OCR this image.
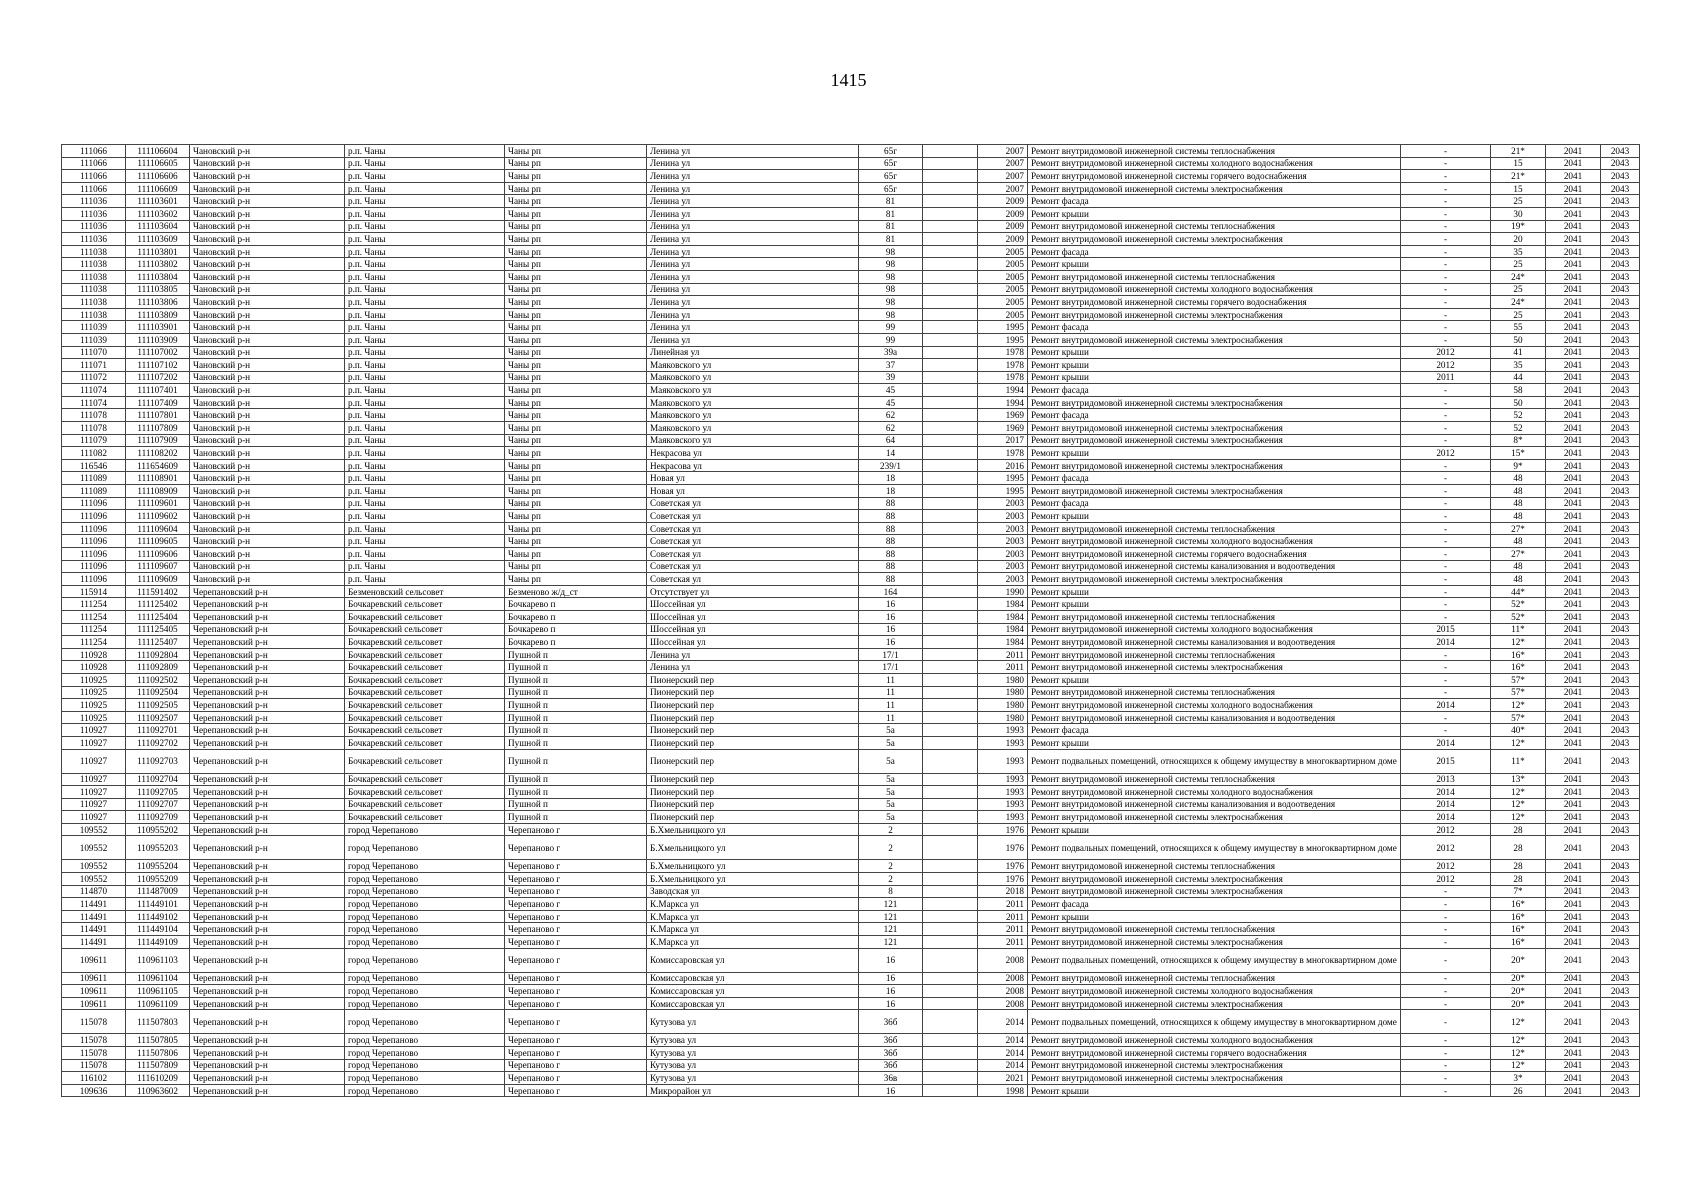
1415
111066	111106604	Чановский р-н	р.п. Чаны	Чаны рп	Ленина ул	65г		2007	Ремонт внутридомовой инженерной системы теплоснабжения	-	21*	2041	2043
111066	111106605	Чановский р-н	р.п. Чаны	Чаны рп	Ленина ул	65г		2007	Ремонт внутридомовой инженерной системы холодного водоснабжения	-	15	2041	2043
111066	111106606	Чановский р-н	р.п. Чаны	Чаны рп	Ленина ул	65г		2007	Ремонт внутридомовой инженерной системы горячего водоснабжения	-	21*	2041	2043
111066	111106609	Чановский р-н	р.п. Чаны	Чаны рп	Ленина ул	65г		2007	Ремонт внутридомовой инженерной системы электроснабжения	-	15	2041	2043
111036	111103601	Чановский р-н	р.п. Чаны	Чаны рп	Ленина ул	81		2009	Ремонт фасада	-	25	2041	2043
111036	111103602	Чановский р-н	р.п. Чаны	Чаны рп	Ленина ул	81		2009	Ремонт крыши	-	30	2041	2043
111036	111103604	Чановский р-н	р.п. Чаны	Чаны рп	Ленина ул	81		2009	Ремонт внутридомовой инженерной системы теплоснабжения	-	19*	2041	2043
111036	111103609	Чановский р-н	р.п. Чаны	Чаны рп	Ленина ул	81		2009	Ремонт внутридомовой инженерной системы электроснабжения	-	20	2041	2043
111038	111103801	Чановский р-н	р.п. Чаны	Чаны рп	Ленина ул	98		2005	Ремонт фасада	-	35	2041	2043
111038	111103802	Чановский р-н	р.п. Чаны	Чаны рп	Ленина ул	98		2005	Ремонт крыши	-	25	2041	2043
111038	111103804	Чановский р-н	р.п. Чаны	Чаны рп	Ленина ул	98		2005	Ремонт внутридомовой инженерной системы теплоснабжения	-	24*	2041	2043
111038	111103805	Чановский р-н	р.п. Чаны	Чаны рп	Ленина ул	98		2005	Ремонт внутридомовой инженерной системы холодного водоснабжения	-	25	2041	2043
111038	111103806	Чановский р-н	р.п. Чаны	Чаны рп	Ленина ул	98		2005	Ремонт внутридомовой инженерной системы горячего водоснабжения	-	24*	2041	2043
111038	111103809	Чановский р-н	р.п. Чаны	Чаны рп	Ленина ул	98		2005	Ремонт внутридомовой инженерной системы электроснабжения	-	25	2041	2043
111039	111103901	Чановский р-н	р.п. Чаны	Чаны рп	Ленина ул	99		1995	Ремонт фасада	-	55	2041	2043
111039	111103909	Чановский р-н	р.п. Чаны	Чаны рп	Ленина ул	99		1995	Ремонт внутридомовой инженерной системы электроснабжения	-	50	2041	2043
111070	111107002	Чановский р-н	р.п. Чаны	Чаны рп	Линейная ул	39а		1978	Ремонт крыши	2012	41	2041	2043
111071	111107102	Чановский р-н	р.п. Чаны	Чаны рп	Маяковского ул	37		1978	Ремонт крыши	2012	35	2041	2043
111072	111107202	Чановский р-н	р.п. Чаны	Чаны рп	Маяковского ул	39		1978	Ремонт крыши	2011	44	2041	2043
111074	111107401	Чановский р-н	р.п. Чаны	Чаны рп	Маяковского ул	45		1994	Ремонт фасада	-	58	2041	2043
111074	111107409	Чановский р-н	р.п. Чаны	Чаны рп	Маяковского ул	45		1994	Ремонт внутридомовой инженерной системы электроснабжения	-	50	2041	2043
111078	111107801	Чановский р-н	р.п. Чаны	Чаны рп	Маяковского ул	62		1969	Ремонт фасада	-	52	2041	2043
111078	111107809	Чановский р-н	р.п. Чаны	Чаны рп	Маяковского ул	62		1969	Ремонт внутридомовой инженерной системы электроснабжения	-	52	2041	2043
111079	111107909	Чановский р-н	р.п. Чаны	Чаны рп	Маяковского ул	64		2017	Ремонт внутридомовой инженерной системы электроснабжения	-	8*	2041	2043
111082	111108202	Чановский р-н	р.п. Чаны	Чаны рп	Некрасова ул	14		1978	Ремонт крыши	2012	15*	2041	2043
116546	111654609	Чановский р-н	р.п. Чаны	Чаны рп	Некрасова ул	239/1		2016	Ремонт внутридомовой инженерной системы электроснабжения	-	9*	2041	2043
111089	111108901	Чановский р-н	р.п. Чаны	Чаны рп	Новая ул	18		1995	Ремонт фасада	-	48	2041	2043
111089	111108909	Чановский р-н	р.п. Чаны	Чаны рп	Новая ул	18		1995	Ремонт внутридомовой инженерной системы электроснабжения	-	48	2041	2043
111096	111109601	Чановский р-н	р.п. Чаны	Чаны рп	Советская ул	88		2003	Ремонт фасада	-	48	2041	2043
111096	111109602	Чановский р-н	р.п. Чаны	Чаны рп	Советская ул	88		2003	Ремонт крыши	-	48	2041	2043
111096	111109604	Чановский р-н	р.п. Чаны	Чаны рп	Советская ул	88		2003	Ремонт внутридомовой инженерной системы теплоснабжения	-	27*	2041	2043
111096	111109605	Чановский р-н	р.п. Чаны	Чаны рп	Советская ул	88		2003	Ремонт внутридомовой инженерной системы холодного водоснабжения	-	48	2041	2043
111096	111109606	Чановский р-н	р.п. Чаны	Чаны рп	Советская ул	88		2003	Ремонт внутридомовой инженерной системы горячего водоснабжения	-	27*	2041	2043
111096	111109607	Чановский р-н	р.п. Чаны	Чаны рп	Советская ул	88		2003	Ремонт внутридомовой инженерной системы канализования и водоотведения	-	48	2041	2043
111096	111109609	Чановский р-н	р.п. Чаны	Чаны рп	Советская ул	88		2003	Ремонт внутридомовой инженерной системы электроснабжения	-	48	2041	2043
115914	111591402	Черепановский р-н	Безменовский сельсовет	Безменово ж/д_ст	Отсутствует ул	164		1990	Ремонт крыши	-	44*	2041	2043
111254	111125402	Черепановский р-н	Бочкаревский сельсовет	Бочкарево п	Шоссейная ул	16		1984	Ремонт крыши	-	52*	2041	2043
111254	111125404	Черепановский р-н	Бочкаревский сельсовет	Бочкарево п	Шоссейная ул	16		1984	Ремонт внутридомовой инженерной системы теплоснабжения	-	52*	2041	2043
111254	111125405	Черепановский р-н	Бочкаревский сельсовет	Бочкарево п	Шоссейная ул	16		1984	Ремонт внутридомовой инженерной системы холодного водоснабжения	2015	11*	2041	2043
111254	111125407	Черепановский р-н	Бочкаревский сельсовет	Бочкарево п	Шоссейная ул	16		1984	Ремонт внутридомовой инженерной системы канализования и водоотведения	2014	12*	2041	2043
110928	111092804	Черепановский р-н	Бочкаревский сельсовет	Пушной п	Ленина ул	17/1		2011	Ремонт внутридомовой инженерной системы теплоснабжения	-	16*	2041	2043
110928	111092809	Черепановский р-н	Бочкаревский сельсовет	Пушной п	Ленина ул	17/1		2011	Ремонт внутридомовой инженерной системы электроснабжения	-	16*	2041	2043
110925	111092502	Черепановский р-н	Бочкаревский сельсовет	Пушной п	Пионерский пер	11		1980	Ремонт крыши	-	57*	2041	2043
110925	111092504	Черепановский р-н	Бочкаревский сельсовет	Пушной п	Пионерский пер	11		1980	Ремонт внутридомовой инженерной системы теплоснабжения	-	57*	2041	2043
110925	111092505	Черепановский р-н	Бочкаревский сельсовет	Пушной п	Пионерский пер	11		1980	Ремонт внутридомовой инженерной системы холодного водоснабжения	2014	12*	2041	2043
110925	111092507	Черепановский р-н	Бочкаревский сельсовет	Пушной п	Пионерский пер	11		1980	Ремонт внутридомовой инженерной системы канализования и водоотведения	-	57*	2041	2043
110927	111092701	Черепановский р-н	Бочкаревский сельсовет	Пушной п	Пионерский пер	5а		1993	Ремонт фасада	-	40*	2041	2043
110927	111092702	Черепановский р-н	Бочкаревский сельсовет	Пушной п	Пионерский пер	5а		1993	Ремонт крыши	2014	12*	2041	2043
110927	111092703	Черепановский р-н	Бочкаревский сельсовет	Пушной п	Пионерский пер	5а		1993	Ремонт подвальных помещений, относящихся к общему имуществу в многоквартирном доме	2015	11*	2041	2043
110927	111092704	Черепановский р-н	Бочкаревский сельсовет	Пушной п	Пионерский пер	5а		1993	Ремонт внутридомовой инженерной системы теплоснабжения	2013	13*	2041	2043
110927	111092705	Черепановский р-н	Бочкаревский сельсовет	Пушной п	Пионерский пер	5а		1993	Ремонт внутридомовой инженерной системы холодного водоснабжения	2014	12*	2041	2043
110927	111092707	Черепановский р-н	Бочкаревский сельсовет	Пушной п	Пионерский пер	5а		1993	Ремонт внутридомовой инженерной системы канализования и водоотведения	2014	12*	2041	2043
110927	111092709	Черепановский р-н	Бочкаревский сельсовет	Пушной п	Пионерский пер	5а		1993	Ремонт внутридомовой инженерной системы электроснабжения	2014	12*	2041	2043
109552	110955202	Черепановский р-н	город Черепаново	Черепаново г	Б.Хмельницкого ул	2		1976	Ремонт крыши	2012	28	2041	2043
109552	110955203	Черепановский р-н	город Черепаново	Черепаново г	Б.Хмельницкого ул	2		1976	Ремонт подвальных помещений, относящихся к общему имуществу в многоквартирном доме	2012	28	2041	2043
109552	110955204	Черепановский р-н	город Черепаново	Черепаново г	Б.Хмельницкого ул	2		1976	Ремонт внутридомовой инженерной системы теплоснабжения	2012	28	2041	2043
109552	110955209	Черепановский р-н	город Черепаново	Черепаново г	Б.Хмельницкого ул	2		1976	Ремонт внутридомовой инженерной системы электроснабжения	2012	28	2041	2043
114870	111487009	Черепановский р-н	город Черепаново	Черепаново г	Заводская ул	8		2018	Ремонт внутридомовой инженерной системы электроснабжения	-	7*	2041	2043
114491	111449101	Черепановский р-н	город Черепаново	Черепаново г	К.Маркса ул	121		2011	Ремонт фасада	-	16*	2041	2043
114491	111449102	Черепановский р-н	город Черепаново	Черепаново г	К.Маркса ул	121		2011	Ремонт крыши	-	16*	2041	2043
114491	111449104	Черепановский р-н	город Черепаново	Черепаново г	К.Маркса ул	121		2011	Ремонт внутридомовой инженерной системы теплоснабжения	-	16*	2041	2043
114491	111449109	Черепановский р-н	город Черепаново	Черепаново г	К.Маркса ул	121		2011	Ремонт внутридомовой инженерной системы электроснабжения	-	16*	2041	2043
109611	110961103	Черепановский р-н	город Черепаново	Черепаново г	Комиссаровская ул	16		2008	Ремонт подвальных помещений, относящихся к общему имуществу в многоквартирном доме	-	20*	2041	2043
109611	110961104	Черепановский р-н	город Черепаново	Черепаново г	Комиссаровская ул	16		2008	Ремонт внутридомовой инженерной системы теплоснабжения	-	20*	2041	2043
109611	110961105	Черепановский р-н	город Черепаново	Черепаново г	Комиссаровская ул	16		2008	Ремонт внутридомовой инженерной системы холодного водоснабжения	-	20*	2041	2043
109611	110961109	Черепановский р-н	город Черепаново	Черепаново г	Комиссаровская ул	16		2008	Ремонт внутридомовой инженерной системы электроснабжения	-	20*	2041	2043
115078	111507803	Черепановский р-н	город Черепаново	Черепаново г	Кутузова ул	36б		2014	Ремонт подвальных помещений, относящихся к общему имуществу в многоквартирном доме	-	12*	2041	2043
115078	111507805	Черепановский р-н	город Черепаново	Черепаново г	Кутузова ул	36б		2014	Ремонт внутридомовой инженерной системы холодного водоснабжения	-	12*	2041	2043
115078	111507806	Черепановский р-н	город Черепаново	Черепаново г	Кутузова ул	36б		2014	Ремонт внутридомовой инженерной системы горячего водоснабжения	-	12*	2041	2043
115078	111507809	Черепановский р-н	город Черепаново	Черепаново г	Кутузова ул	36б		2014	Ремонт внутридомовой инженерной системы электроснабжения	-	12*	2041	2043
116102	111610209	Черепановский р-н	город Черепаново	Черепаново г	Кутузова ул	36в		2021	Ремонт внутридомовой инженерной системы электроснабжения	-	3*	2041	2043
109636	110963602	Черепановский р-н	город Черепаново	Черепаново г	Микрорайон ул	16		1998	Ремонт крыши	-	26	2041	2043
